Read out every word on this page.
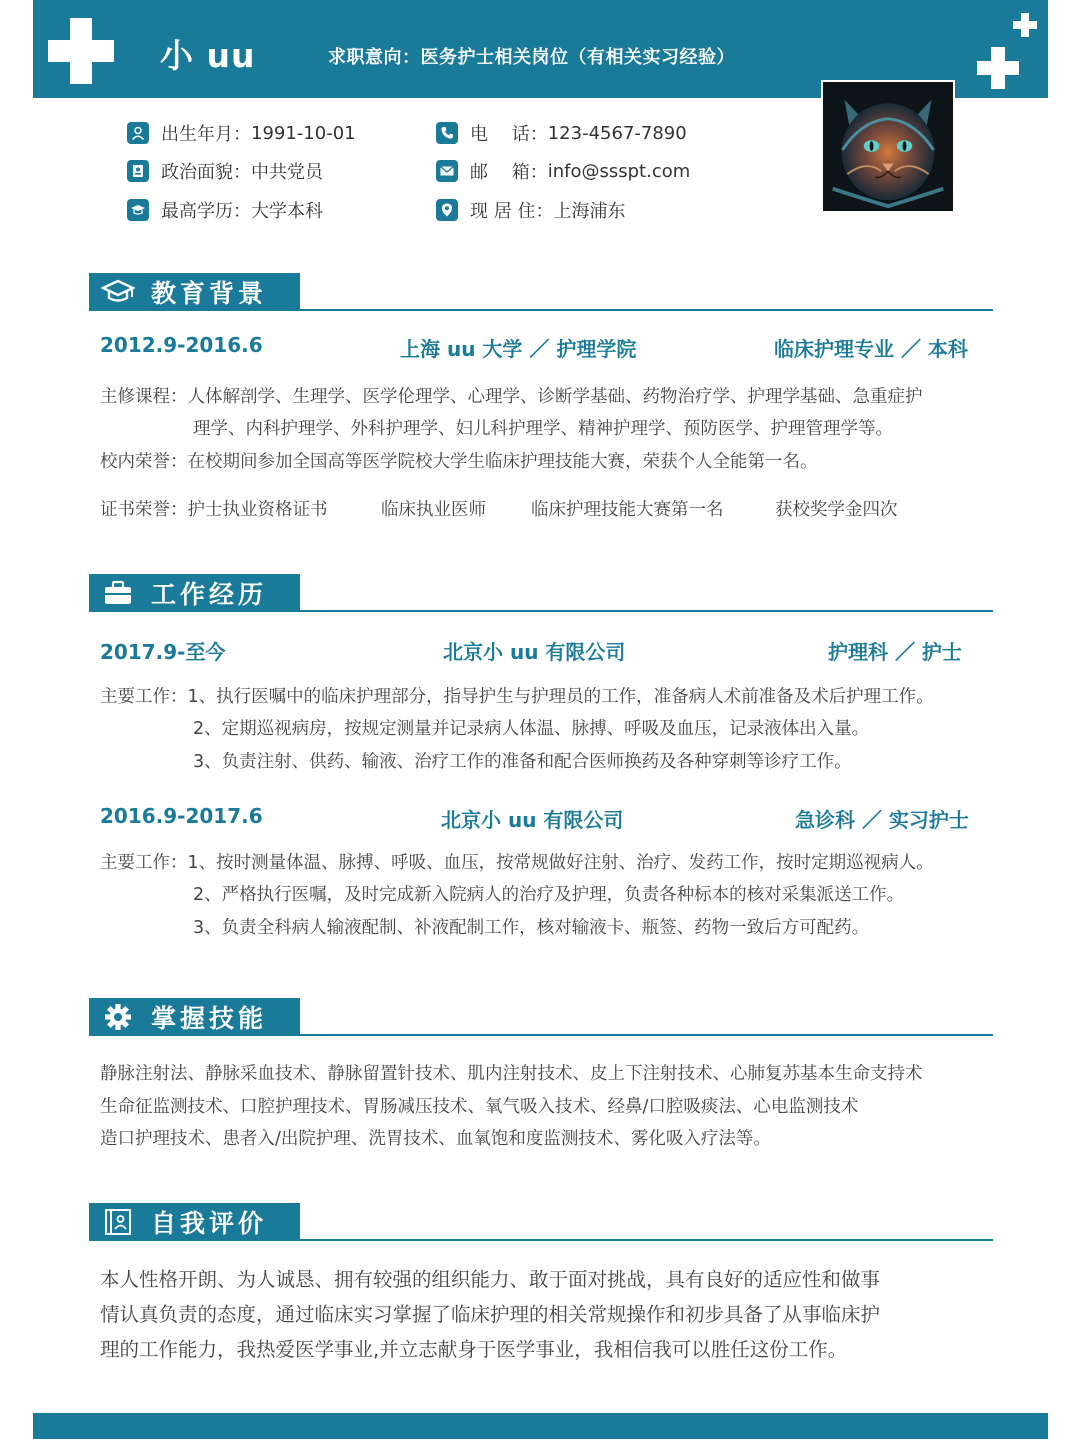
小 uu	求职意向：医务护士相关岗位（有相关实习经验）
出生年月： 1991-10-01
政治面貌： 中共党员
最高学历： 大学本科
电　 话： 123-4567-7890
邮　 箱： info@ssspt.com
现 居 住： 上海浦东
教育背景
2012.9-2016.6	上海 uu 大学 ／ 护理学院	临床护理专业 ／ 本科
主修课程：人体解剖学、生理学、医学伦理学、心理学、诊断学基础、药物治疗学、护理学基础、急重症护
理学、内科护理学、外科护理学、妇儿科护理学、精神护理学、预防医学、护理管理学等。
校内荣誉：在校期间参加全国高等医学院校大学生临床护理技能大赛，荣获个人全能第一名。
证书荣誉：护士执业资格证书	临床执业医师	临床护理技能大赛第一名	获校奖学金四次
工作经历
2017.9-至今	北京小 uu 有限公司	护理科 ／ 护士
主要工作：1、执行医嘱中的临床护理部分，指导护生与护理员的工作，准备病人术前准备及术后护理工作。
2、定期巡视病房，按规定测量并记录病人体温、脉搏、呼吸及血压，记录液体出入量。
3、负责注射、供药、输液、治疗工作的准备和配合医师换药及各种穿刺等诊疗工作。
2016.9-2017.6	北京小 uu 有限公司	急诊科 ／ 实习护士
主要工作：1、按时测量体温、脉搏、呼吸、血压，按常规做好注射、治疗、发药工作，按时定期巡视病人。
2、严格执行医嘱，及时完成新入院病人的治疗及护理，负责各种标本的核对采集派送工作。
3、负责全科病人输液配制、补液配制工作，核对输液卡、瓶签、药物一致后方可配药。
掌握技能
静脉注射法、静脉采血技术、静脉留置针技术、肌内注射技术、皮上下注射技术、心肺复苏基本生命支持术
生命征监测技术、口腔护理技术、胃肠减压技术、氧气吸入技术、经鼻/口腔吸痰法、心电监测技术
造口护理技术、患者入/出院护理、洗胃技术、血氧饱和度监测技术、雾化吸入疗法等。
自我评价
本人性格开朗、为人诚恳、拥有较强的组织能力、敢于面对挑战，具有良好的适应性和做事
情认真负责的态度，通过临床实习掌握了临床护理的相关常规操作和初步具备了从事临床护
理的工作能力，我热爱医学事业,并立志献身于医学事业，我相信我可以胜任这份工作。
